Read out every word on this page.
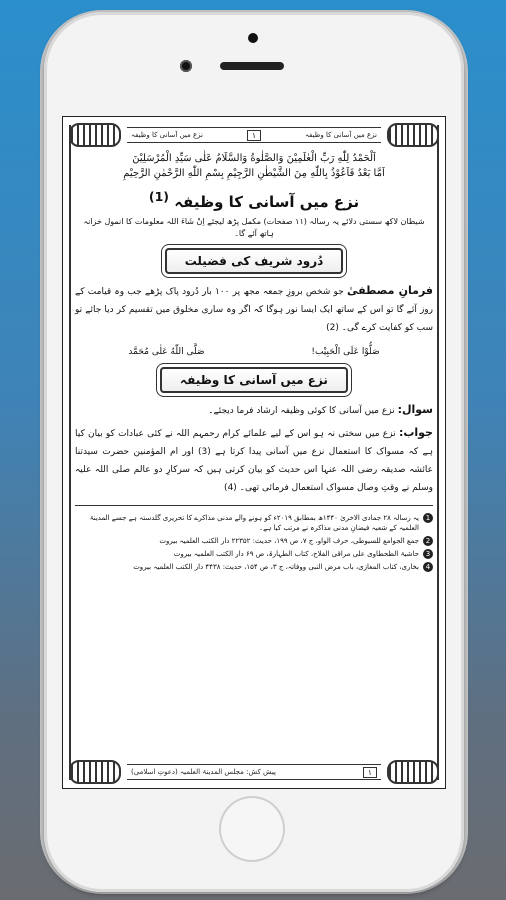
نزع میں آسانی کا وظیفہ
۱
نزع میں آسانی کا وظیفہ

اَلْحَمْدُ لِلّٰهِ رَبِّ الْعٰلَمِیْنَ وَالصَّلٰوةُ وَالسَّلَامُ عَلٰی سَیِّدِ الْمُرْسَلِیْنَ

اَمَّا بَعْدُ فَاَعُوْذُ بِاللّٰهِ مِنَ الشَّیْطٰنِ الرَّجِیْمِ بِسْمِ اللّٰهِ الرَّحْمٰنِ الرَّحِیْمِ

نزع میں آسانی کا وظیفہ $^{(1)}$

شیطان لاکھ سستی دلائے یہ رسالہ (۱۱ صفحات) مکمل پڑھ لیجئے اِنْ شَاءَ اللہ معلومات کا انمول خزانہ ہاتھ آئے گا۔

دُرود شریف کی فضیلت

فرمانِ مصطفیٰ جو شخص بروزِ جمعہ مجھ پر ۱۰۰ بار دُرود پاک پڑھے جب وہ قیامت کے روز آئے گا تو اس کے ساتھ ایک ایسا نور ہوگا کہ اگر وہ ساری مخلوق میں تقسیم کر دیا جائے تو سب کو کفایت کرے گی۔ (2)

صَلُّوْا عَلَی الْحَبِیْب!
صَلَّی اللّٰهُ عَلٰی مُحَمَّد
نزع میں آسانی کا وظیفہ

سوال: نزع میں آسانی کا کوئی وظیفہ ارشاد فرما دیجئے۔

جواب: نزع میں سختی نہ ہو اس کے لیے علمائے کرام رحمہم اللہ نے کئی عبادات کو بیان کیا ہے کہ مسواک کا استعمال نزع میں آسانی پیدا کرتا ہے (3) اور ام المؤمنین حضرت سیدتنا عائشہ صدیقہ رضی اللہ عنہا اس حدیث کو بیان کرتی ہیں کہ سرکارِ دو عالم صلی اللہ علیہ وسلم نے وقتِ وصال مسواک استعمال فرمائی تھی۔ (4)

1
یہ رسالہ ۲۸ جمادی الاخریٰ ۱۴۴۰ھ بمطابق ۲۰۱۹ء کو ہونے والے مدنی مذاکرے کا تحریری گلدستہ ہے جسے المدینۃ العلمیہ کے شعبہ فیضانِ مدنی مذاکرہ نے مرتب کیا ہے۔
2
جمع الجوامع للسیوطی، حرف الواو، ج ۷، ص ۱۹۹، حدیث: ۲۲۳۵۲ دار الکتب العلمیہ بیروت
3
حاشیۃ الطحطاوی علی مراقی الفلاح، کتاب الطہارۃ، ص ۶۹ دار الکتب العلمیہ بیروت
4
بخاری، کتاب المغازی، باب مرض النبی ووفاتہ، ج ۳، ص ۱۵۴، حدیث: ۴۴۳۸ دار الکتب العلمیہ بیروت
۱
پیش کش: مجلس المدینۃ العلمیہ (دعوتِ اسلامی)
